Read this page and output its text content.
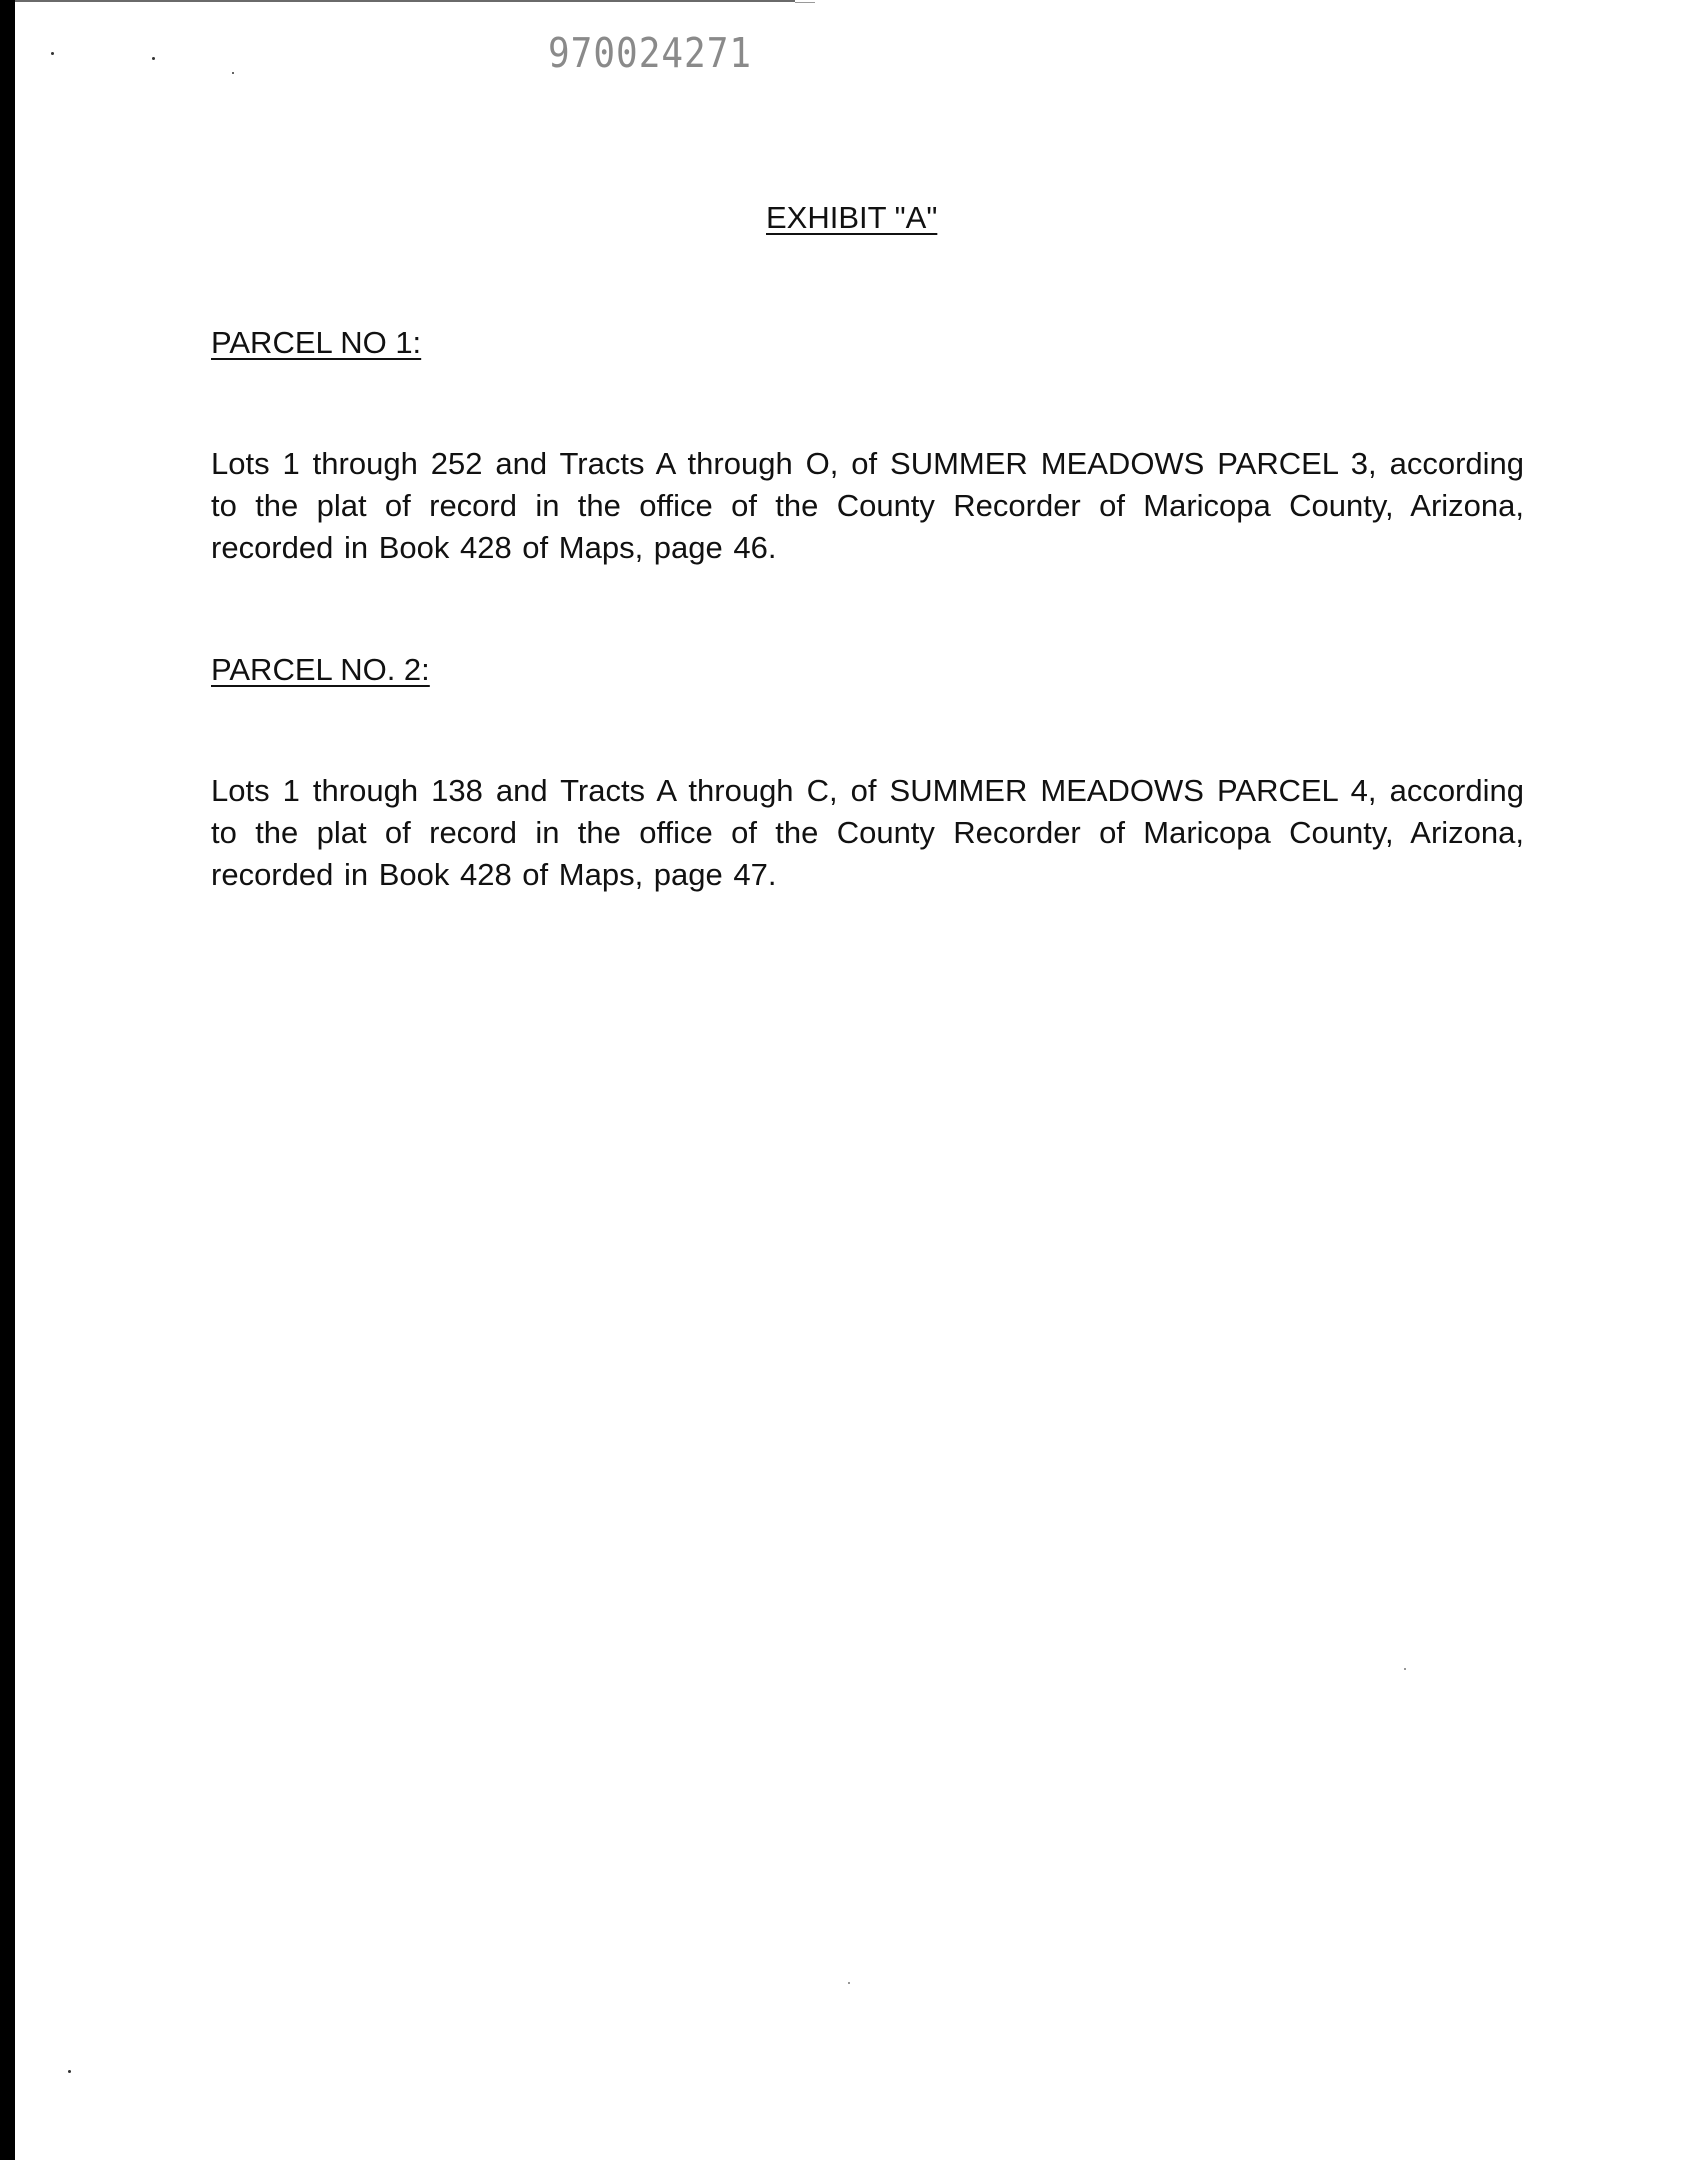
970024271
EXHIBIT "A"
PARCEL NO 1:
Lots 1 through 252 and Tracts A through O, of SUMMER MEADOWS PARCEL 3, according to the plat of record in the office of the County Recorder of Maricopa County, Arizona, recorded in Book 428 of Maps, page 46.
PARCEL NO. 2:
Lots 1 through 138 and Tracts A through C, of SUMMER MEADOWS PARCEL 4, according to the plat of record in the office of the County Recorder of Maricopa County, Arizona, recorded in Book 428 of Maps, page 47.
